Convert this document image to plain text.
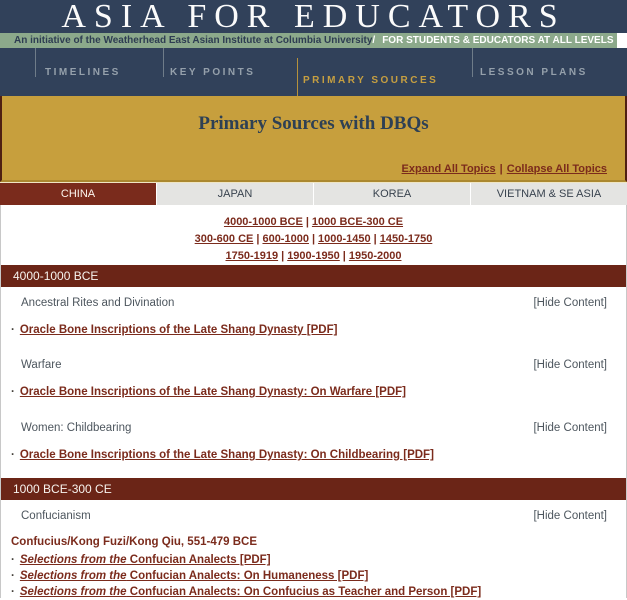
ASIA FOR EDUCATORS
An initiative of the Weatherhead East Asian Institute at Columbia University / FOR STUDENTS & EDUCATORS AT ALL LEVELS
TIMELINES	KEY POINTS
PRIMARY SOURCES
LESSON PLANS
Primary Sources with DBQs
Expand All Topics | Collapse All Topics
CHINA	JAPAN	KOREA	VIETNAM & SE ASIA
4000-1000 BCE | 1000 BCE-300 CE
300-600 CE | 600-1000 | 1000-1450 | 1450-1750
1750-1919 | 1900-1950 | 1950-2000
4000-1000 BCE
Ancestral Rites and Divination	[Hide Content]
· Oracle Bone Inscriptions of the Late Shang Dynasty [PDF]
Warfare	[Hide Content]
· Oracle Bone Inscriptions of the Late Shang Dynasty: On Warfare [PDF]
Women: Childbearing	[Hide Content]
· Oracle Bone Inscriptions of the Late Shang Dynasty: On Childbearing [PDF]
1000 BCE-300 CE
Confucianism	[Hide Content]
Confucius/Kong Fuzi/Kong Qiu, 551-479 BCE
· Selections from the Confucian Analects [PDF]
· Selections from the Confucian Analects: On Humaneness [PDF]
· Selections from the Confucian Analects: On Confucius as Teacher and Person [PDF]
